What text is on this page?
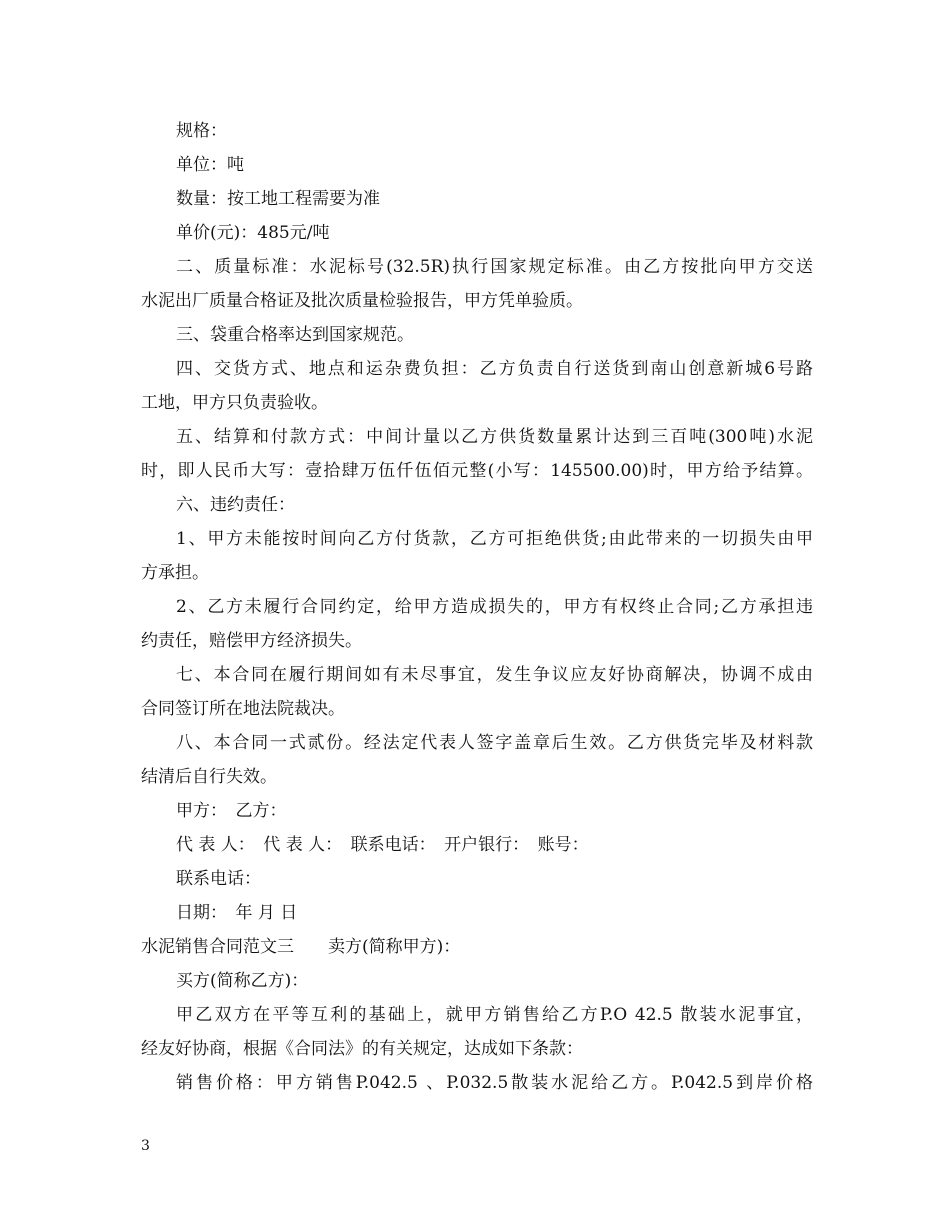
规格：
单位：吨
数量：按工地工程需要为准
单价(元)：485元/吨
二、质量标准：水泥标号(32.5R)执行国家规定标准。由乙方按批向甲方交送
水泥出厂质量合格证及批次质量检验报告，甲方凭单验质。
三、袋重合格率达到国家规范。
四、交货方式、地点和运杂费负担：乙方负责自行送货到南山创意新城6号路
工地，甲方只负责验收。
五、结算和付款方式：中间计量以乙方供货数量累计达到三百吨(300吨)水泥
时，即人民币大写：壹拾肆万伍仟伍佰元整(小写：145500.00)时，甲方给予结算。
六、违约责任：
1、甲方未能按时间向乙方付货款，乙方可拒绝供货;由此带来的一切损失由甲
方承担。
2、乙方未履行合同约定，给甲方造成损失的，甲方有权终止合同;乙方承担违
约责任，赔偿甲方经济损失。
七、本合同在履行期间如有未尽事宜，发生争议应友好协商解决，协调不成由
合同签订所在地法院裁决。
八、本合同一式贰份。经法定代表人签字盖章后生效。乙方供货完毕及材料款
结清后自行失效。
甲方：　乙方：
代 表 人：　代 表 人：　联系电话：　开户银行：　账号：
联系电话：
日期：　年 月 日
水泥销售合同范文三　　卖方(简称甲方)：
买方(简称乙方)：
甲乙双方在平等互利的基础上，就甲方销售给乙方P.O 42.5 散装水泥事宜，
经友好协商，根据《合同法》的有关规定，达成如下条款：
销售价格：甲方销售P.042.5 、P.032.5散装水泥给乙方。P.042.5到岸价格
3
